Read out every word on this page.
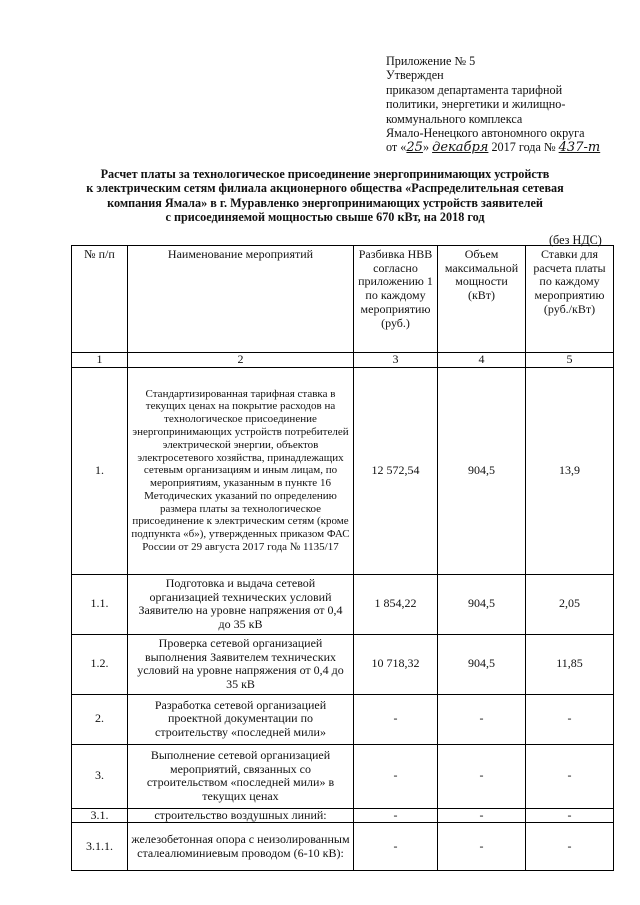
Приложение № 5
Утвержден
приказом департамента тарифной
политики, энергетики и жилищно-
коммунального комплекса
Ямало-Ненецкого автономного округа
от «25» декабря 2017 года № 437-т
Расчет платы за технологическое присоединение энергопринимающих устройств
к электрическим сетям филиала акционерного общества «Распределительная сетевая
компания Ямала» в г. Муравленко энергопринимающих устройств заявителей
с присоединяемой мощностью свыше 670 кВт, на 2018 год
(без НДС)
№ п/п	Наименование мероприятий	Разбивка НВВ согласно приложению 1 по каждому мероприятию (руб.)	Объем максимальной мощности (кВт)	Ставки для расчета платы по каждому мероприятию (руб./кВт)
1	2	3	4	5
1.	Стандартизированная тарифная ставка в текущих ценах на покрытие расходов на технологическое присоединение энергопринимающих устройств потребителей электрической энергии, объектов электросетевого хозяйства, принадлежащих сетевым организациям и иным лицам, по мероприятиям, указанным в пункте 16 Методических указаний по определению размера платы за технологическое присоединение к электрическим сетям (кроме подпункта «б»), утвержденных приказом ФАС России от 29 августа 2017 года № 1135/17	12 572,54	904,5	13,9
1.1.	Подготовка и выдача сетевой организацией технических условий Заявителю на уровне напряжения от 0,4 до 35 кВ	1 854,22	904,5	2,05
1.2.	Проверка сетевой организацией выполнения Заявителем технических условий на уровне напряжения от 0,4 до 35 кВ	10 718,32	904,5	11,85
2.	Разработка сетевой организацией проектной документации по строительству «последней мили»	-	-	-
3.	Выполнение сетевой организацией мероприятий, связанных со строительством «последней мили» в текущих ценах	-	-	-
3.1.	строительство воздушных линий:	-	-	-
3.1.1.	железобетонная опора с неизолированным сталеалюминиевым проводом (6-10 кВ):	-	-	-
